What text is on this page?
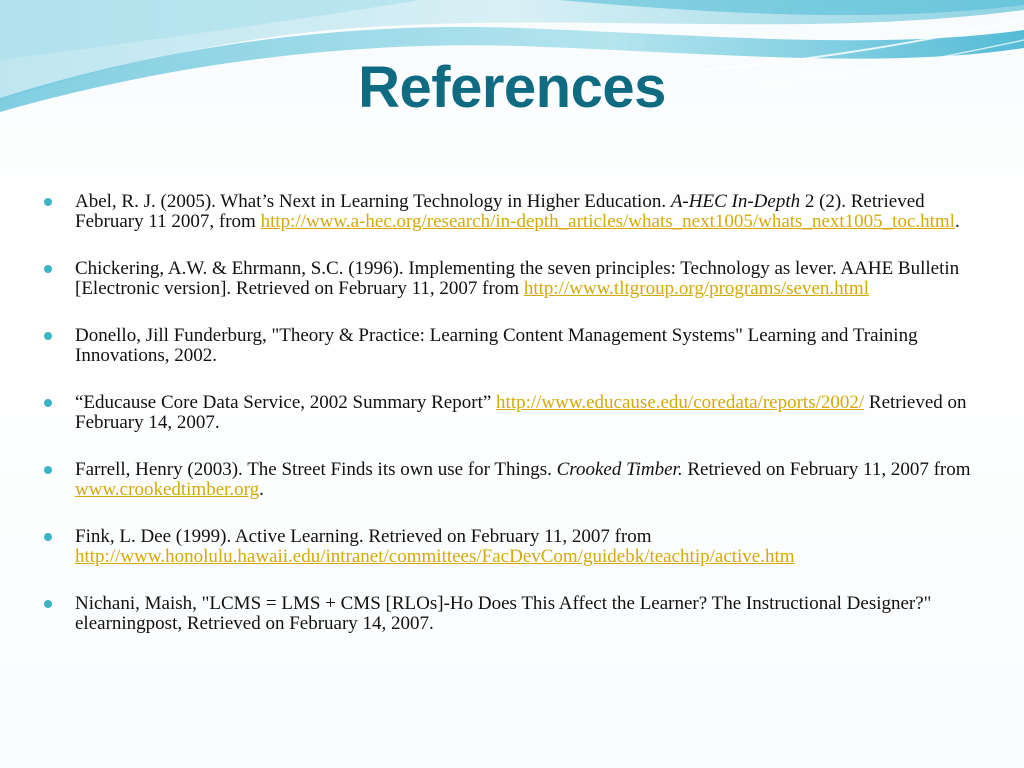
References
Abel, R. J. (2005). What’s Next in Learning Technology in Higher Education. A-HEC In-Depth 2 (2). Retrieved February 11 2007, from http://www.a-hec.org/research/in-depth_articles/whats_next1005/whats_next1005_toc.html.
Chickering, A.W. & Ehrmann, S.C. (1996). Implementing the seven principles: Technology as lever. AAHE Bulletin [Electronic version]. Retrieved on February 11, 2007 from http://www.tltgroup.org/programs/seven.html
Donello, Jill Funderburg, "Theory & Practice: Learning Content Management Systems" Learning and Training Innovations, 2002.
“Educause Core Data Service, 2002 Summary Report” http://www.educause.edu/coredata/reports/2002/ Retrieved on February 14, 2007.
Farrell, Henry (2003). The Street Finds its own use for Things. Crooked Timber. Retrieved on February 11, 2007 from www.crookedtimber.org.
Fink, L. Dee (1999). Active Learning. Retrieved on February 11, 2007 from http://www.honolulu.hawaii.edu/intranet/committees/FacDevCom/guidebk/teachtip/active.htm
Nichani, Maish, "LCMS = LMS + CMS [RLOs]-Ho Does This Affect the Learner? The Instructional Designer?" elearningpost, Retrieved on February 14, 2007.
